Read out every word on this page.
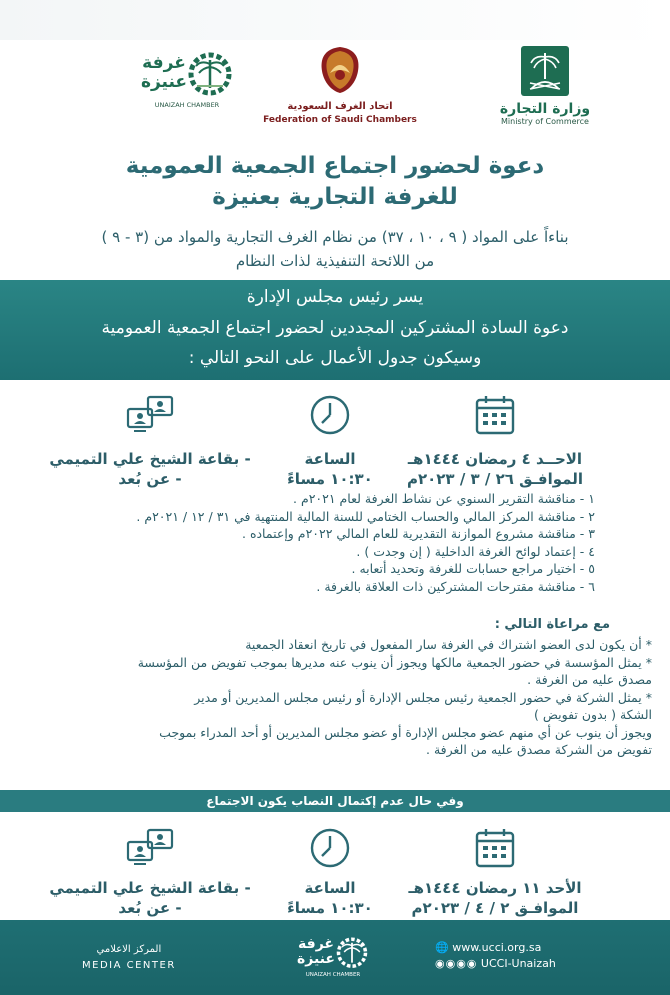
وزارة التجارة
Ministry of Commerce
اتحاد الغرف السعودية
Federation of Saudi Chambers
غرفة
عنيزة
UNAIZAH CHAMBER
دعوة لحضور اجتماع الجمعية العمومية
للغرفة التجارية بعنيزة
بناءاً على المواد ( ٩ ، ١٠ ، ٣٧) من نظام الغرف التجارية والمواد من (٣ - ٩ )
من اللائحة التنفيذية لذات النظام
يسر رئيس مجلس الإدارة
دعوة السادة المشتركين المجددين لحضور اجتماع الجمعية العمومية
وسيكون جدول الأعمال على النحو التالي :
الاحــد ٤ رمضان ١٤٤٤هـ
الموافـق ٢٦ / ٣ / ٢٠٢٣م
الساعة
١٠:٣٠ مساءً
- بقاعة الشيخ علي التميمي
- عن بُعد
١ - مناقشة التقرير السنوي عن نشاط الغرفة لعام ٢٠٢١م .
٢ - مناقشة المركز المالي والحساب الختامي للسنة المالية المنتهية في ٣١ / ١٢ / ٢٠٢١م .
٣ - مناقشة مشروع الموازنة التقديرية للعام المالي ٢٠٢٢م وإعتماده .
٤ - إعتماد لوائح الغرفة الداخلية ( إن وجدت ) .
٥ - اختيار مراجع حسابات للغرفة وتحديد أتعابه .
٦ - مناقشة مقترحات المشتركين ذات العلاقة بالغرفة .
مع مراعاة التالي :
* أن يكون لدى العضو اشتراك في الغرفة سار المفعول في تاريخ انعقاد الجمعية
* يمثل المؤسسة في حضور الجمعية مالكها ويجوز أن ينوب عنه مديرها بموجب تفويض من المؤسسة
مصدق عليه من الغرفة .
* يمثل الشركة في حضور الجمعية رئيس مجلس الإدارة أو رئيس مجلس المديرين أو مدير
الشكة ( بدون تفويض )
ويجوز أن ينوب عن أي منهم عضو مجلس الإدارة أو عضو مجلس المديرين أو أحد المدراء بموجب
تفويض من الشركة مصدق عليه من الغرفة .
وفي حال عدم إكتمال النصاب يكون الاجتماع
الأحد ١١ رمضان ١٤٤٤هـ
الموافـق ٢ / ٤ / ٢٠٢٣م
الساعة
١٠:٣٠ مساءً
- بقاعة الشيخ علي التميمي
- عن بُعد
🌐 www.ucci.org.sa
◉◉◉◉ UCCI-Unaizah
غرفة
عنيزة
UNAIZAH CHAMBER
المركز الاعلامي
MEDIA CENTER
